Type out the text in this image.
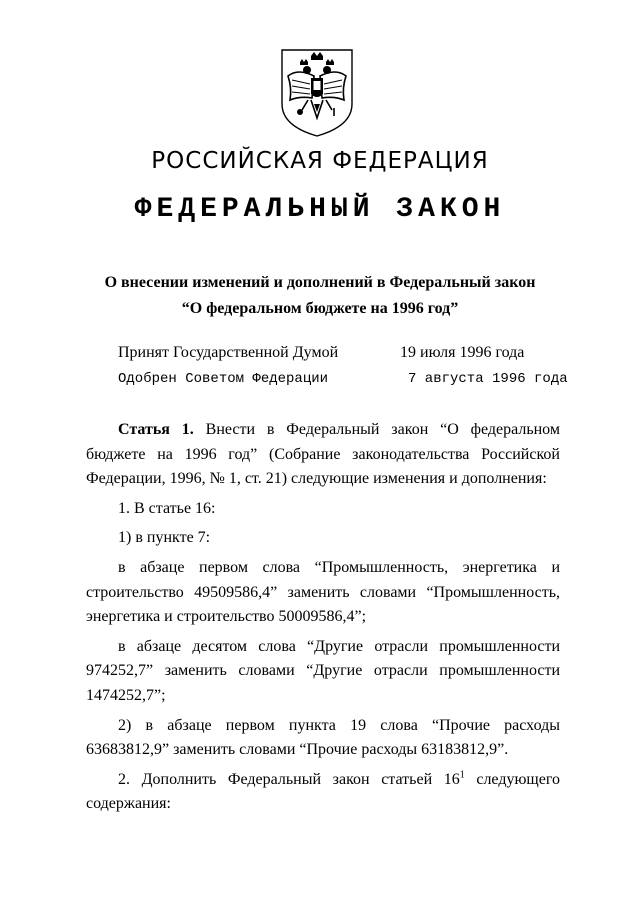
РОССИЙСКАЯ ФЕДЕРАЦИЯ
ФЕДЕРАЛЬНЫЙ ЗАКОН
О внесении изменений и дополнений в Федеральный закон
“О федеральном бюджете на 1996 год”
Принят Государственной Думой	19 июля 1996 года
Одобрен Советом Федерации	7 августа 1996 года

Статья 1. Внести в Федеральный закон “О федеральном бюджете на 1996 год” (Собрание законодательства Российской Федерации, 1996, № 1, ст. 21) следующие изменения и дополнения:

1. В статье 16:

1) в пункте 7:

в абзаце первом слова “Промышленность, энергетика и строительство 49509586,4” заменить словами “Промышленность, энергетика и строительство 50009586,4”;

в абзаце десятом слова “Другие отрасли промышленности 974252,7” заменить словами “Другие отрасли промышленности 1474252,7”;

2) в абзаце первом пункта 19 слова “Прочие расходы 63683812,9” заменить словами “Прочие расходы 63183812,9”.

2. Дополнить Федеральный закон статьей $16^1$ следующего содержания:
